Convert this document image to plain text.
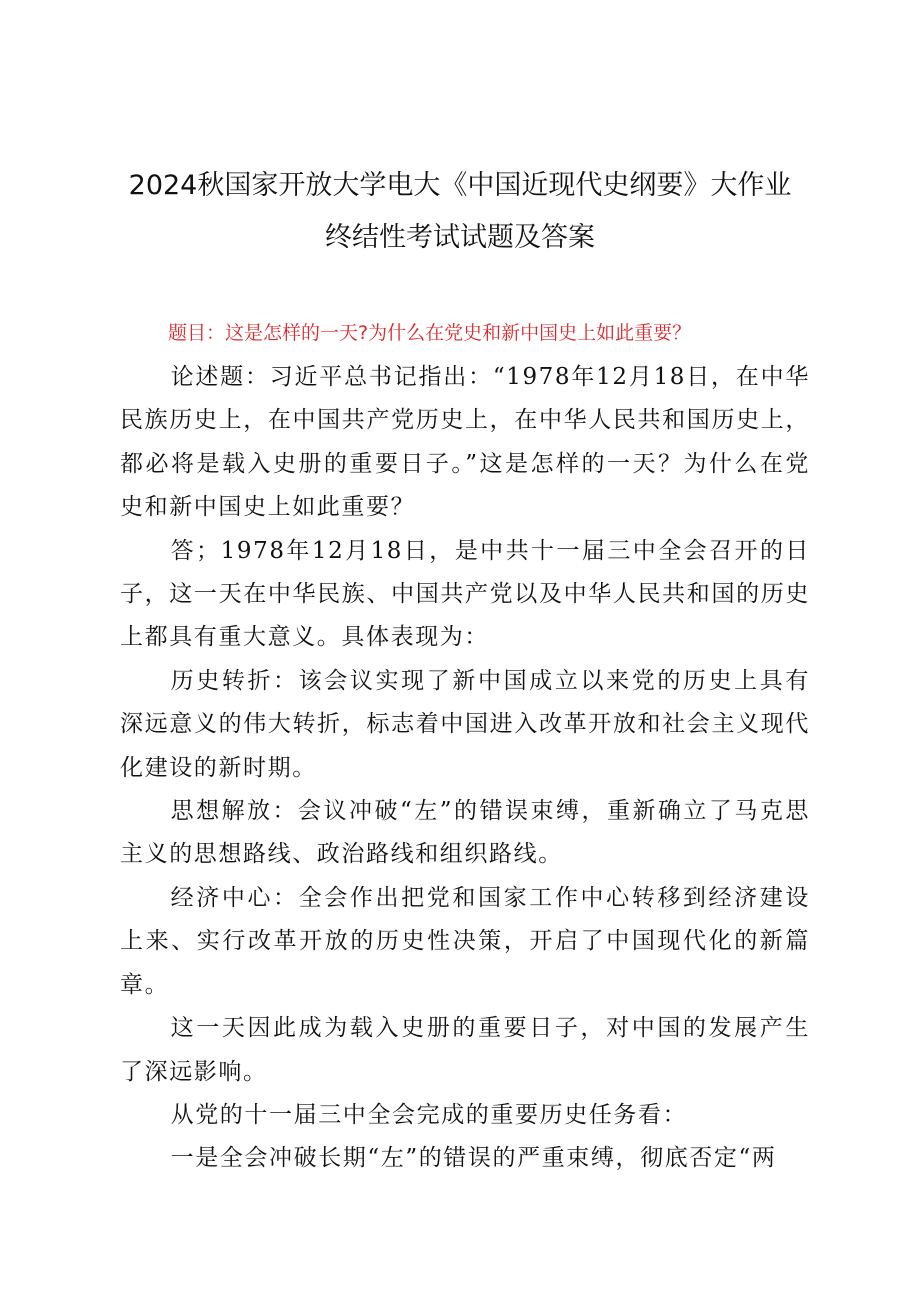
2024秋国家开放大学电大《中国近现代史纲要》大作业
终结性考试试题及答案
题目：这是怎样的一天?为什么在党史和新中国史上如此重要？

论述题：习近平总书记指出：“1978年12月18日，在中华民族历史上，在中国共产党历史上，在中华人民共和国历史上，都必将是载入史册的重要日子。”这是怎样的一天？为什么在党史和新中国史上如此重要？

答；1978年12月18日，是中共十一届三中全会召开的日子，这一天在中华民族、中国共产党以及中华人民共和国的历史上都具有重大意义。具体表现为：

历史转折：该会议实现了新中国成立以来党的历史上具有深远意义的伟大转折，标志着中国进入改革开放和社会主义现代化建设的新时期。

思想解放：会议冲破“左”的错误束缚，重新确立了马克思主义的思想路线、政治路线和组织路线。

经济中心：全会作出把党和国家工作中心转移到经济建设上来、实行改革开放的历史性决策，开启了中国现代化的新篇章。

这一天因此成为载入史册的重要日子，对中国的发展产生了深远影响。

从党的十一届三中全会完成的重要历史任务看：

一是全会冲破长期“左”的错误的严重束缚，彻底否定“两
